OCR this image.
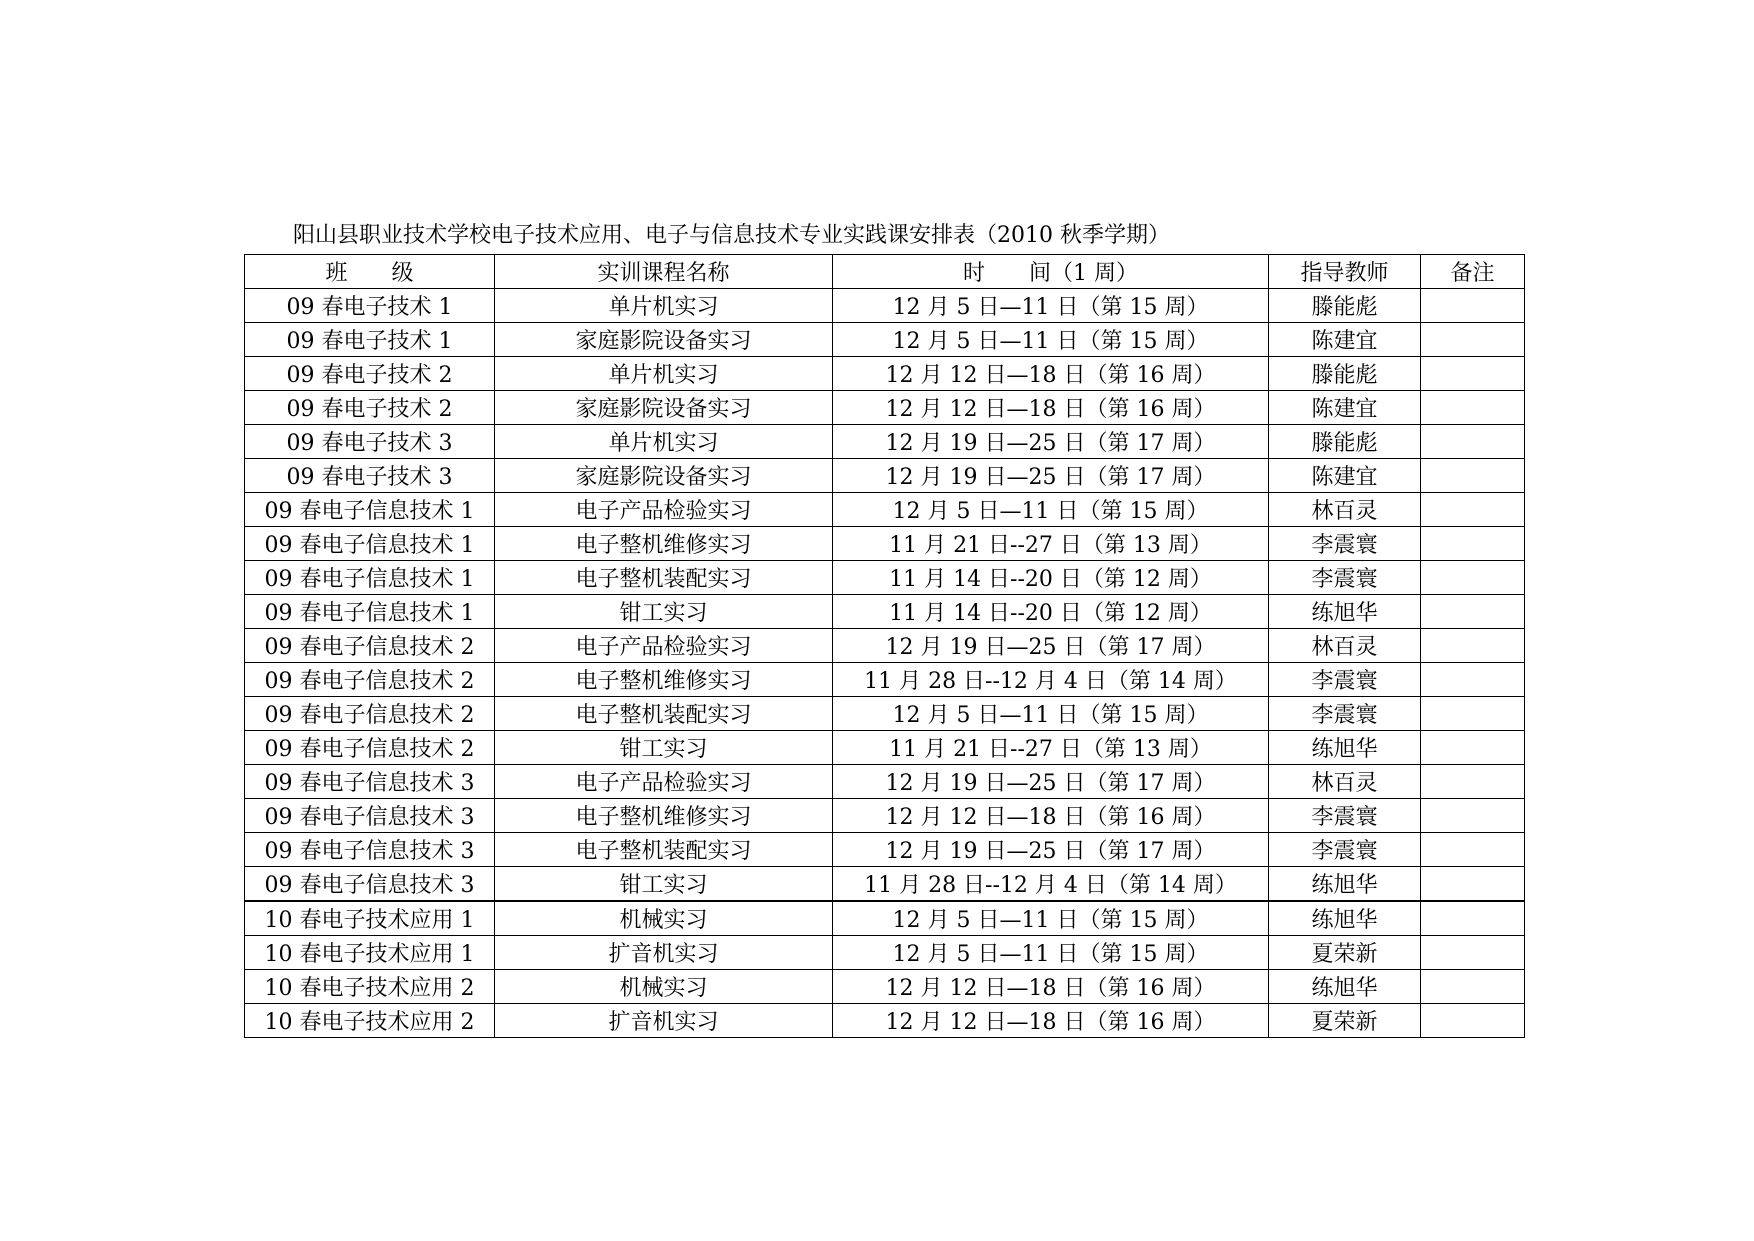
阳山县职业技术学校电子技术应用、电子与信息技术专业实践课安排表（2010 秋季学期）
班　　级	实训课程名称	时　　间（1 周）	指导教师	备注
09 春电子技术 1	单片机实习	12 月 5 日—11 日（第 15 周）	滕能彪	
09 春电子技术 1	家庭影院设备实习	12 月 5 日—11 日（第 15 周）	陈建宜	
09 春电子技术 2	单片机实习	12 月 12 日—18 日（第 16 周）	滕能彪	
09 春电子技术 2	家庭影院设备实习	12 月 12 日—18 日（第 16 周）	陈建宜	
09 春电子技术 3	单片机实习	12 月 19 日—25 日（第 17 周）	滕能彪	
09 春电子技术 3	家庭影院设备实习	12 月 19 日—25 日（第 17 周）	陈建宜	
09 春电子信息技术 1	电子产品检验实习	12 月 5 日—11 日（第 15 周）	林百灵	
09 春电子信息技术 1	电子整机维修实习	11 月 21 日--27 日（第 13 周）	李震寰	
09 春电子信息技术 1	电子整机装配实习	11 月 14 日--20 日（第 12 周）	李震寰	
09 春电子信息技术 1	钳工实习	11 月 14 日--20 日（第 12 周）	练旭华	
09 春电子信息技术 2	电子产品检验实习	12 月 19 日—25 日（第 17 周）	林百灵	
09 春电子信息技术 2	电子整机维修实习	11 月 28 日--12 月 4 日（第 14 周）	李震寰	
09 春电子信息技术 2	电子整机装配实习	12 月 5 日—11 日（第 15 周）	李震寰	
09 春电子信息技术 2	钳工实习	11 月 21 日--27 日（第 13 周）	练旭华	
09 春电子信息技术 3	电子产品检验实习	12 月 19 日—25 日（第 17 周）	林百灵	
09 春电子信息技术 3	电子整机维修实习	12 月 12 日—18 日（第 16 周）	李震寰	
09 春电子信息技术 3	电子整机装配实习	12 月 19 日—25 日（第 17 周）	李震寰	
09 春电子信息技术 3	钳工实习	11 月 28 日--12 月 4 日（第 14 周）	练旭华	
10 春电子技术应用 1	机械实习	12 月 5 日—11 日（第 15 周）	练旭华	
10 春电子技术应用 1	扩音机实习	12 月 5 日—11 日（第 15 周）	夏荣新	
10 春电子技术应用 2	机械实习	12 月 12 日—18 日（第 16 周）	练旭华	
10 春电子技术应用 2	扩音机实习	12 月 12 日—18 日（第 16 周）	夏荣新	
